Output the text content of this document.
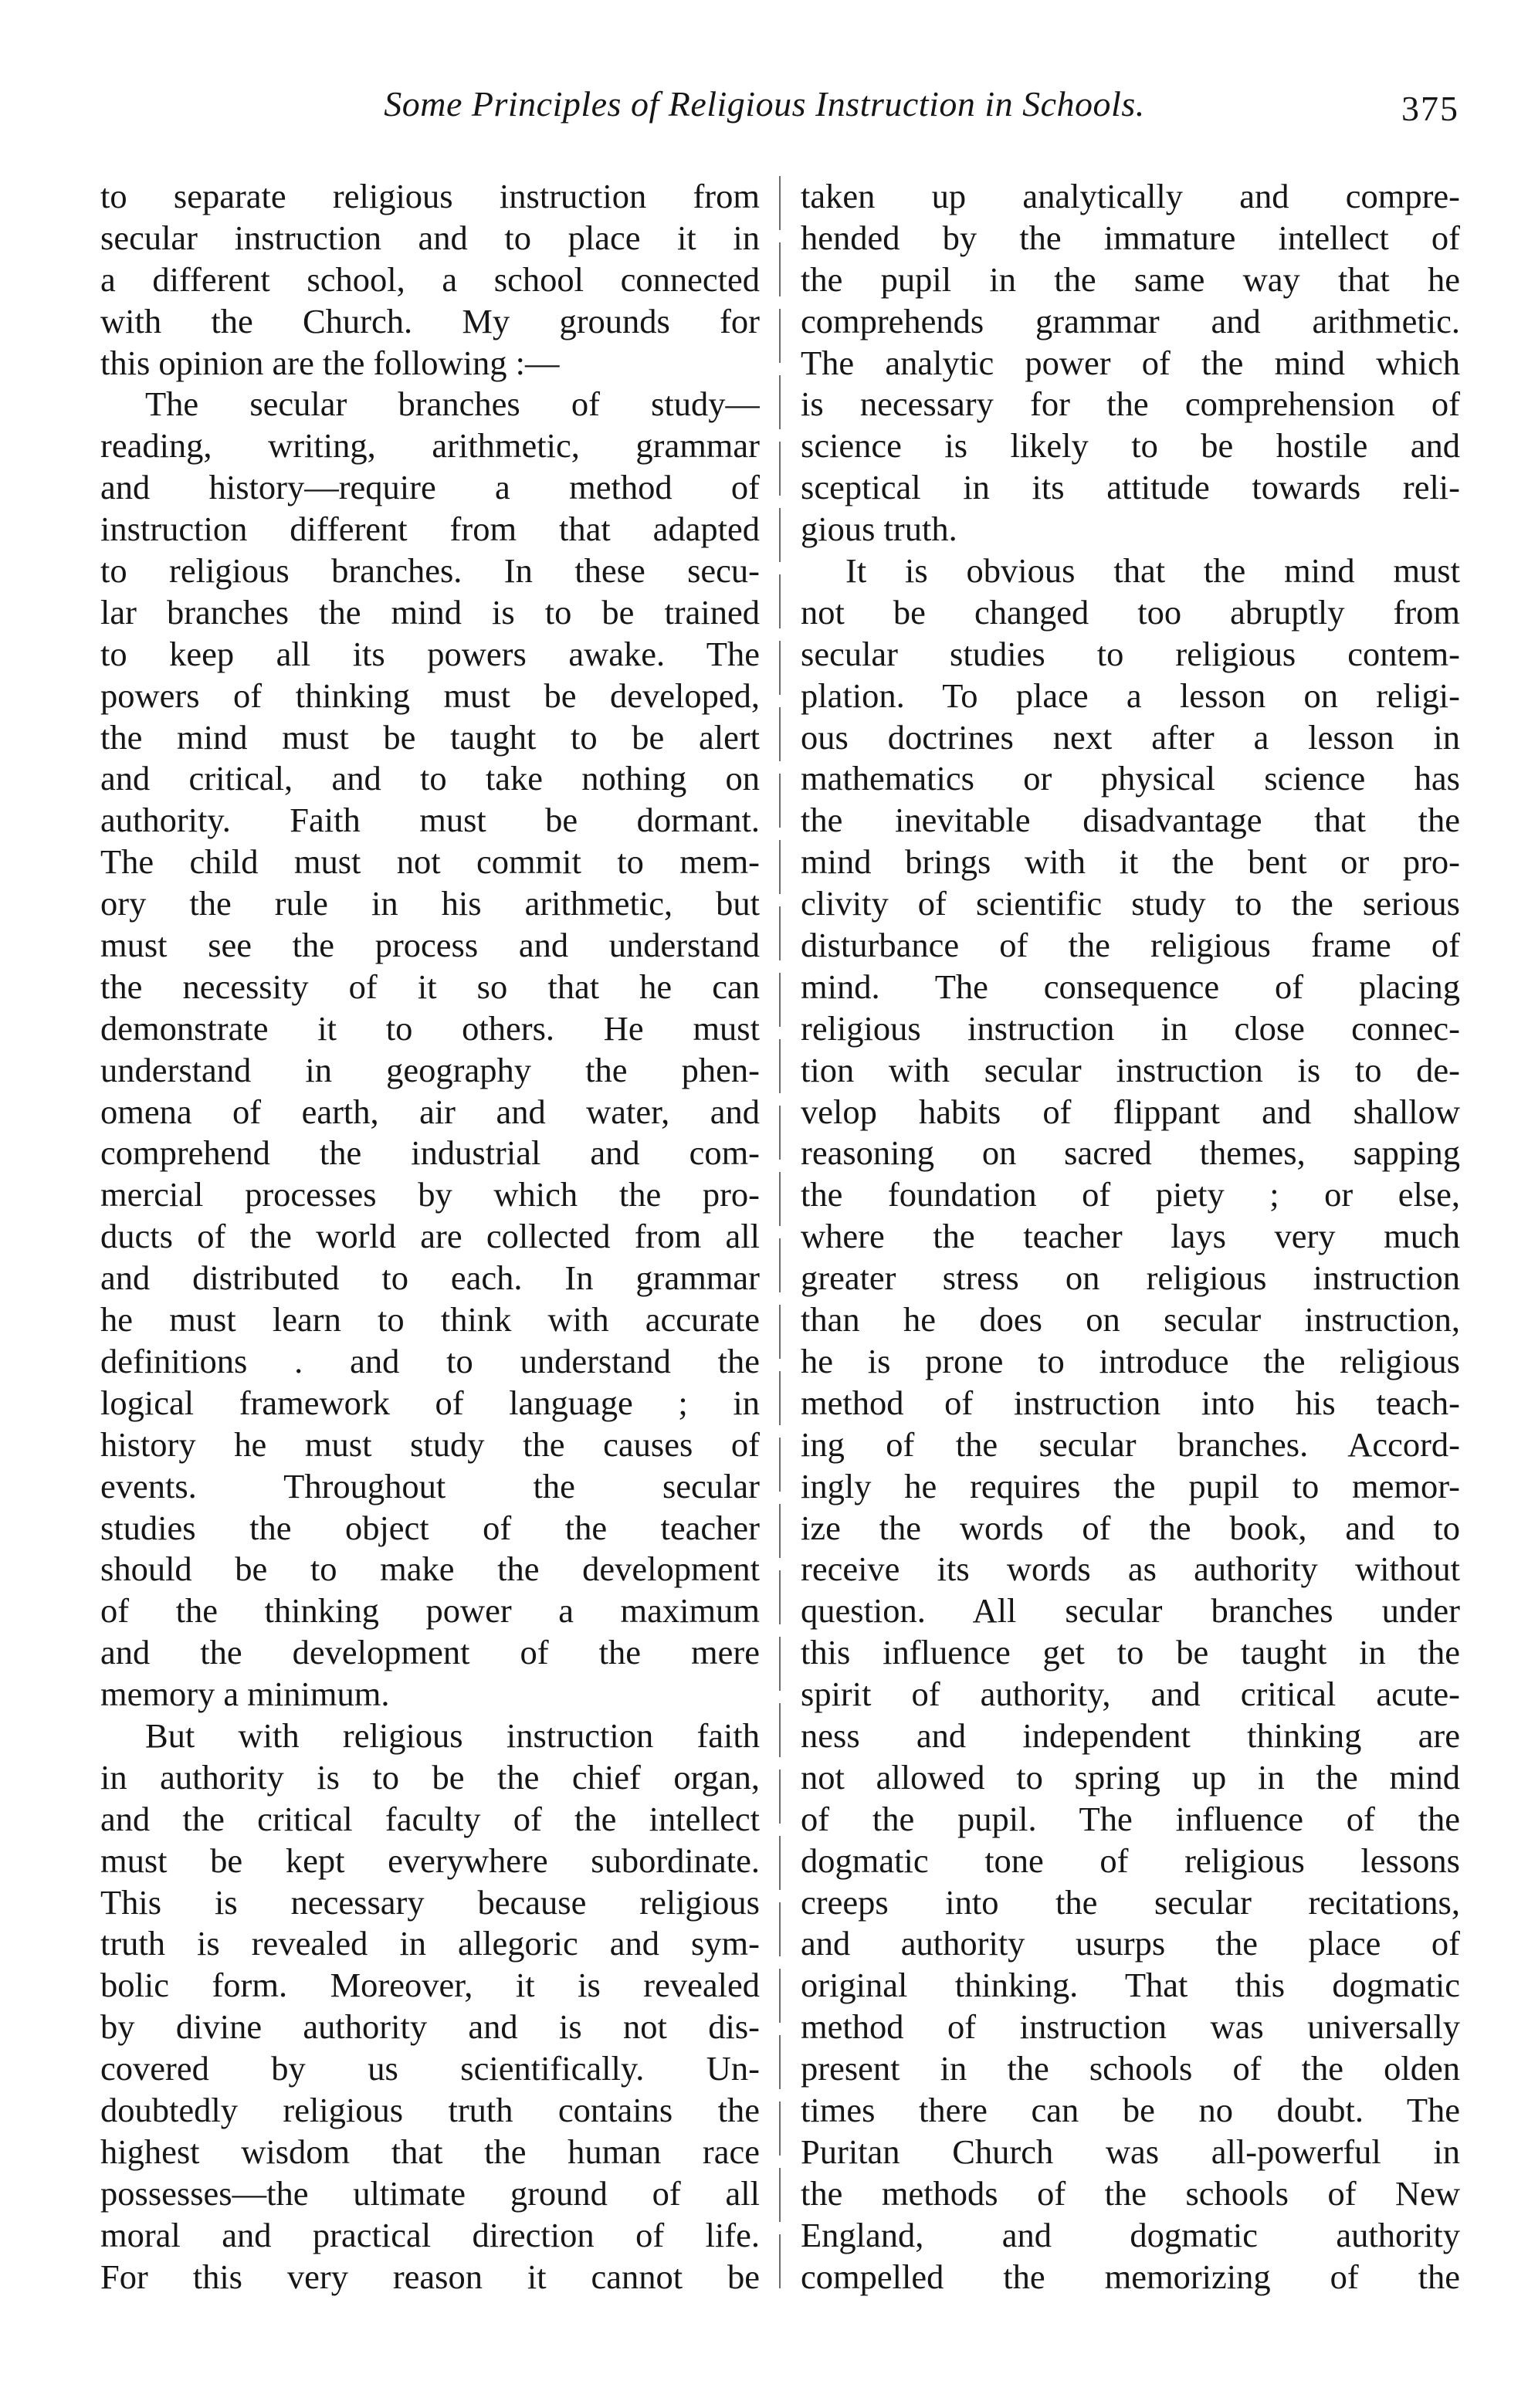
Some Principles of Religious Instruction in Schools.	375
to separate religious instruction from
secular instruction and to place it in
a different school, a school connected
with the Church. My grounds for
this opinion are the following :—
The secular branches of study—
reading, writing, arithmetic, grammar
and history—require a method of
instruction different from that adapted
to religious branches. In these secu-
lar branches the mind is to be trained
to keep all its powers awake. The
powers of thinking must be developed,
the mind must be taught to be alert
and critical, and to take nothing on
authority. Faith must be dormant.
The child must not commit to mem-
ory the rule in his arithmetic, but
must see the process and understand
the necessity of it so that he can
demonstrate it to others. He must
understand in geography the phen-
omena of earth, air and water, and
comprehend the industrial and com-
mercial processes by which the pro-
ducts of the world are collected from all
and distributed to each. In grammar
he must learn to think with accurate
definitions . and to understand the
logical framework of language ; in
history he must study the causes of
events. Throughout the secular
studies the object of the teacher
should be to make the development
of the thinking power a maximum
and the development of the mere
memory a minimum.
But with religious instruction faith
in authority is to be the chief organ,
and the critical faculty of the intellect
must be kept everywhere subordinate.
This is necessary because religious
truth is revealed in allegoric and sym-
bolic form. Moreover, it is revealed
by divine authority and is not dis-
covered by us scientifically. Un-
doubtedly religious truth contains the
highest wisdom that the human race
possesses—the ultimate ground of all
moral and practical direction of life.
For this very reason it cannot be
taken up analytically and compre-
hended by the immature intellect of
the pupil in the same way that he
comprehends grammar and arithmetic.
The analytic power of the mind which
is necessary for the comprehension of
science is likely to be hostile and
sceptical in its attitude towards reli-
gious truth.
It is obvious that the mind must
not be changed too abruptly from
secular studies to religious contem-
plation. To place a lesson on religi-
ous doctrines next after a lesson in
mathematics or physical science has
the inevitable disadvantage that the
mind brings with it the bent or pro-
clivity of scientific study to the serious
disturbance of the religious frame of
mind. The consequence of placing
religious instruction in close connec-
tion with secular instruction is to de-
velop habits of flippant and shallow
reasoning on sacred themes, sapping
the foundation of piety ; or else,
where the teacher lays very much
greater stress on religious instruction
than he does on secular instruction,
he is prone to introduce the religious
method of instruction into his teach-
ing of the secular branches. Accord-
ingly he requires the pupil to memor-
ize the words of the book, and to
receive its words as authority without
question. All secular branches under
this influence get to be taught in the
spirit of authority, and critical acute-
ness and independent thinking are
not allowed to spring up in the mind
of the pupil. The influence of the
dogmatic tone of religious lessons
creeps into the secular recitations,
and authority usurps the place of
original thinking. That this dogmatic
method of instruction was universally
present in the schools of the olden
times there can be no doubt. The
Puritan Church was all-powerful in
the methods of the schools of New
England, and dogmatic authority
compelled the memorizing of the
